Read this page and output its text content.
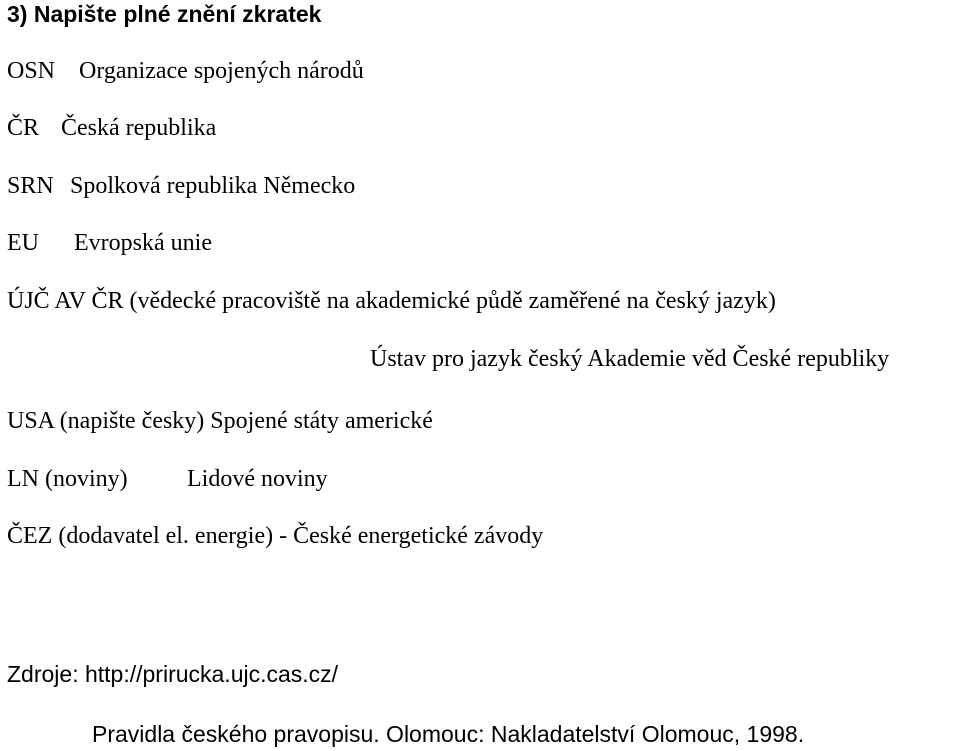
3) Napište plné znění zkratek
OSN Organizace spojených národů
ČR Česká republika
SRN Spolková republika Německo
EU Evropská unie
ÚJČ AV ČR (vědecké pracoviště na akademické půdě zaměřené na český jazyk)
Ústav pro jazyk český Akademie věd České republiky
USA (napište česky) Spojené státy americké
LN (noviny) Lidové noviny
ČEZ (dodavatel el. energie) - České energetické závody
Zdroje: http://prirucka.ujc.cas.cz/
Pravidla českého pravopisu. Olomouc: Nakladatelství Olomouc, 1998.
